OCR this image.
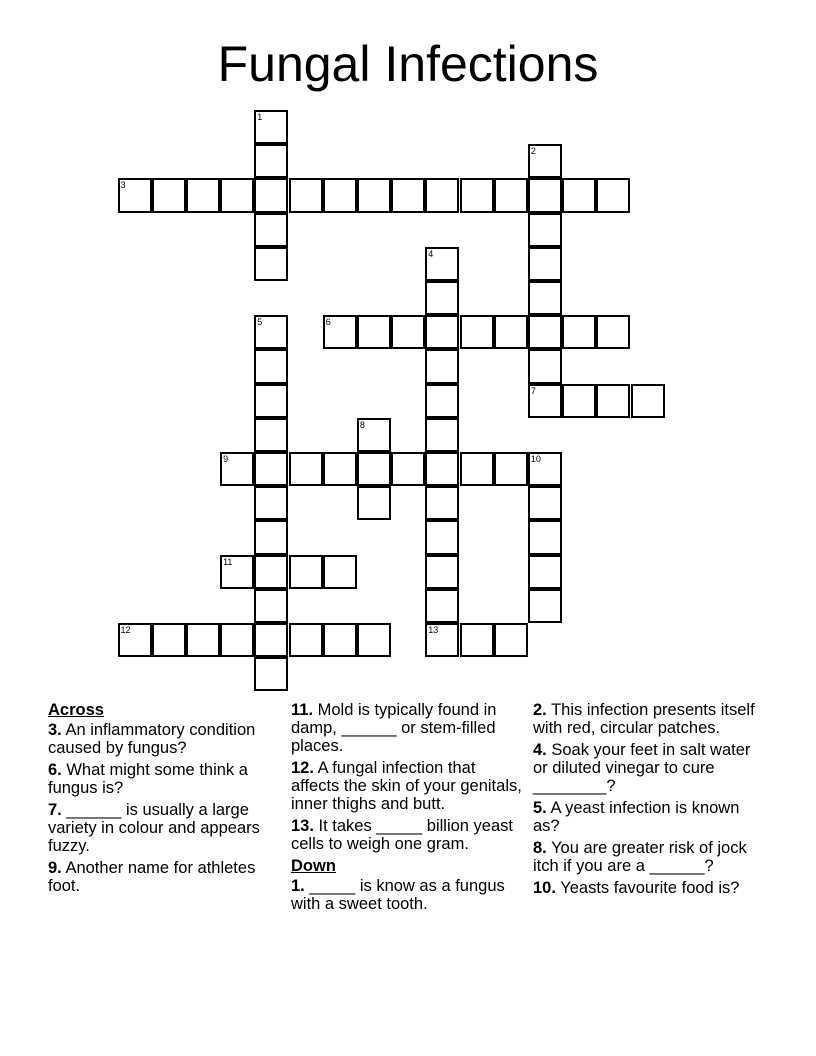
Fungal Infections
1
2
3
4
13
5	6
7
8
9	10
11
12
Across
3. An inflammatory condition caused by fungus?
6. What might some think a fungus is?
7. ______ is usually a large variety in colour and appears fuzzy.
9. Another name for athletes foot.
11. Mold is typically found in damp, ______ or stem-filled places.
12. A fungal infection that affects the skin of your genitals, inner thighs and butt.
13. It takes _____ billion yeast cells to weigh one gram.
Down
1. _____ is know as a fungus with a sweet tooth.
2. This infection presents itself with red, circular patches.
4. Soak your feet in salt water or diluted vinegar to cure ________?
5. A yeast infection is known as?
8. You are greater risk of jock itch if you are a ______?
10. Yeasts favourite food is?
